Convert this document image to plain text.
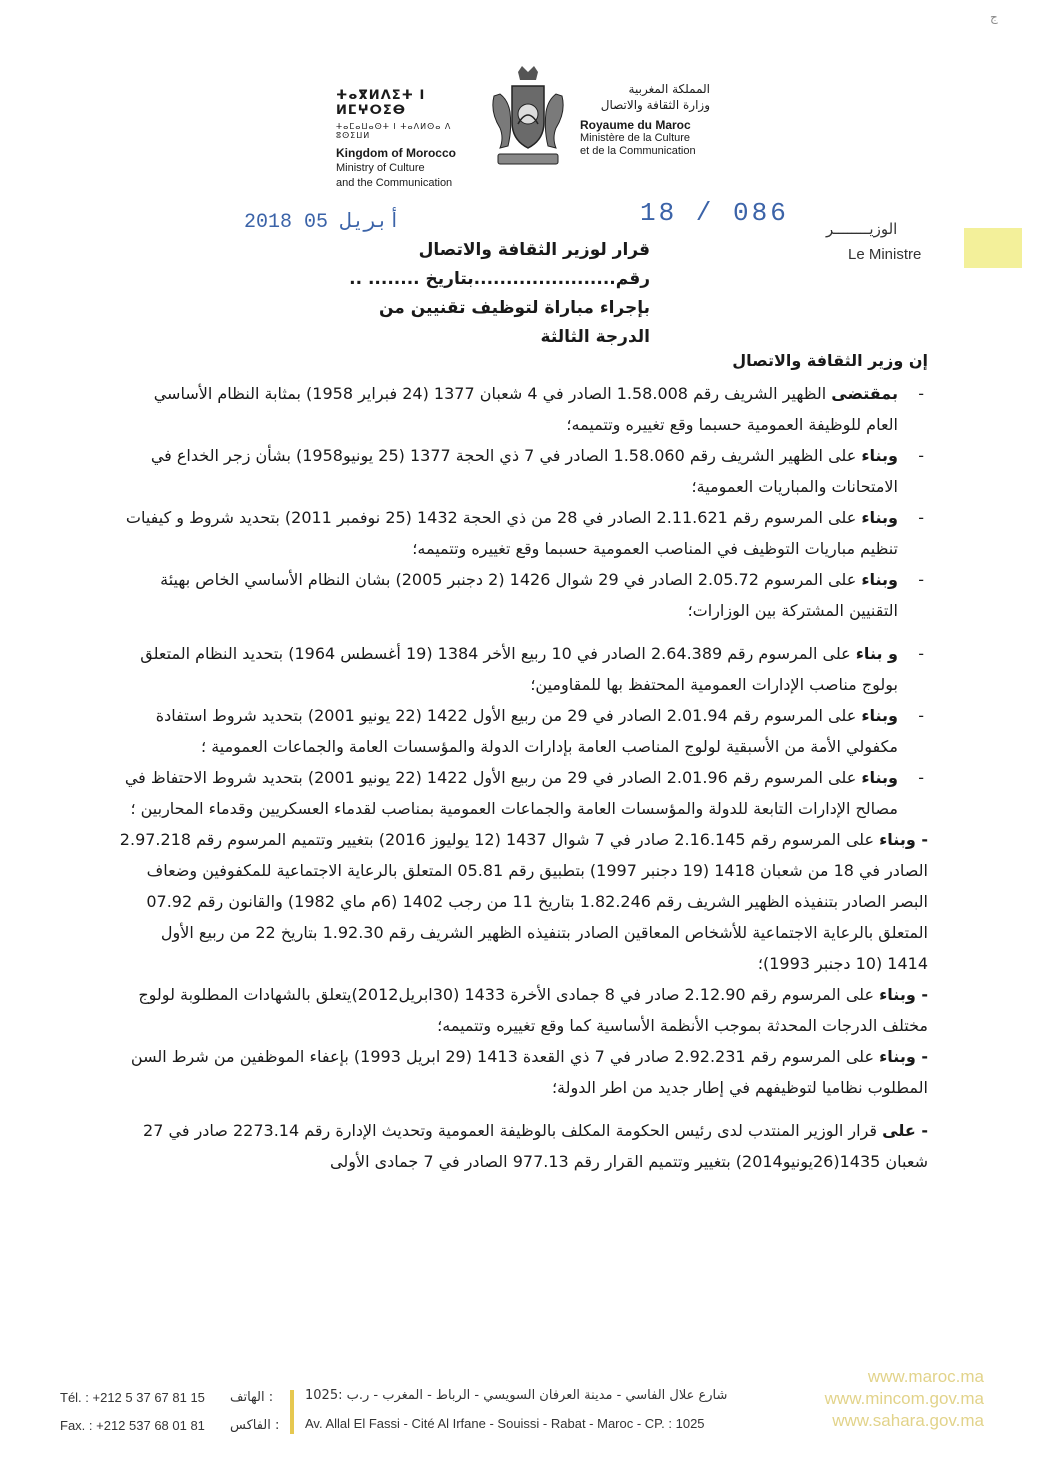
ج
ⵜⴰⴳⵍⴷⵉⵜ ⵏ ⵍⵎⵖⵔⵉⴱ
ⵜⴰⵎⴰⵡⴰⵙⵜ ⵏ ⵜⴰⴷⵍⵙⴰ ⴷ ⵓⵙⵉⵡⵍ
Kingdom of Morocco
Ministry of Culture
and the Communication
المملكة المغربية
وزارة الثقافة والاتصال
Royaume du Maroc
Ministère de la Culture
et de la Communication
18 / 086
2018 أبريل 05	الوزيــــــــر
Le Ministre
قرار لوزير الثقافة والاتصال
رقم......................بتاريخ ........ ..
بإجراء مباراة لتوظيف تقنيين من الدرجة الثالثة
إن وزير الثقافة والاتصال
-
بمقتضى الظهير الشريف رقم 1.58.008 الصادر في 4 شعبان 1377 (24 فبراير 1958) بمثابة النظام الأساسي العام للوظيفة العمومية حسبما وقع تغييره وتتميمه؛
-
وبناء على الظهير الشريف رقم 1.58.060 الصادر في 7 ذي الحجة 1377 (25 يونيو1958) بشأن زجر الخداع في الامتحانات والمباريات العمومية؛
-
وبناء على المرسوم رقم 2.11.621 الصادر في 28 من ذي الحجة 1432 (25 نوفمبر 2011) بتحديد شروط و كيفيات تنظيم مباريات التوظيف في المناصب العمومية حسبما وقع تغييره وتتميمه؛
-
وبناء على المرسوم 2.05.72 الصادر في 29 شوال 1426 (2 دجنبر 2005) بشان النظام الأساسي الخاص بهيئة التقنيين المشتركة بين الوزارات؛
-
و بناء على المرسوم رقم 2.64.389 الصادر في 10 ربيع الأخر 1384 (19 أغسطس 1964) بتحديد النظام المتعلق بولوج مناصب الإدارات العمومية المحتفظ بها للمقاومين؛
-
وبناء على المرسوم رقم 2.01.94 الصادر في 29 من ربيع الأول 1422 (22 يونيو 2001) بتحديد شروط استفادة مكفولي الأمة من الأسبقية لولوج المناصب العامة بإدارات الدولة والمؤسسات العامة والجماعات العمومية ؛
-
وبناء على المرسوم رقم 2.01.96 الصادر في 29 من ربيع الأول 1422 (22 يونيو 2001) بتحديد شروط الاحتفاظ في مصالح الإدارات التابعة للدولة والمؤسسات العامة والجماعات العمومية بمناصب لقدماء العسكريين وقدماء المحاربين ؛
- وبناء على المرسوم رقم 2.16.145 صادر في 7 شوال 1437 (12 يوليوز 2016) بتغيير وتتميم المرسوم رقم 2.97.218 الصادر في 18 من شعبان 1418 (19 دجنبر 1997) بتطبيق رقم 05.81 المتعلق بالرعاية الاجتماعية للمكفوفين وضعاف البصر الصادر بتنفيذه الظهير الشريف رقم 1.82.246 بتاريخ 11 من رجب 1402 (6م ماي 1982) والقانون رقم 07.92 المتعلق بالرعاية الاجتماعية للأشخاص المعاقين الصادر بتنفيذه الظهير الشريف رقم 1.92.30 بتاريخ 22 من ربيع الأول 1414 (10 دجنبر 1993)؛
- وبناء على المرسوم رقم 2.12.90 صادر في 8 جمادى الأخرة 1433 (30ابريل2012)يتعلق بالشهادات المطلوبة لولوج مختلف الدرجات المحدثة بموجب الأنظمة الأساسية كما وقع تغييره وتتميمه؛
- وبناء على المرسوم رقم 2.92.231 صادر في 7 ذي القعدة 1413 (29 ابريل 1993) بإعفاء الموظفين من شرط السن المطلوب نظاميا لتوظيفهم في إطار جديد من اطر الدولة؛
- على قرار الوزير المنتدب لدى رئيس الحكومة المكلف بالوظيفة العمومية وتحديث الإدارة رقم 2273.14 صادر في 27 شعبان 1435(26يونيو2014) بتغيير وتتميم القرار رقم 977.13 الصادر في 7 جمادى الأولى
Tél. : +212 5 37 67 81 15
Fax. : +212 537 68 01 81
: الهاتف
: الفاكس
شارع علال الفاسي - مدينة العرفان السويسي - الرباط - المغرب - ر.ب :1025
Av. Allal El Fassi - Cité Al Irfane - Souissi - Rabat - Maroc - CP. : 1025
www.maroc.ma
www.mincom.gov.ma
www.sahara.gov.ma
